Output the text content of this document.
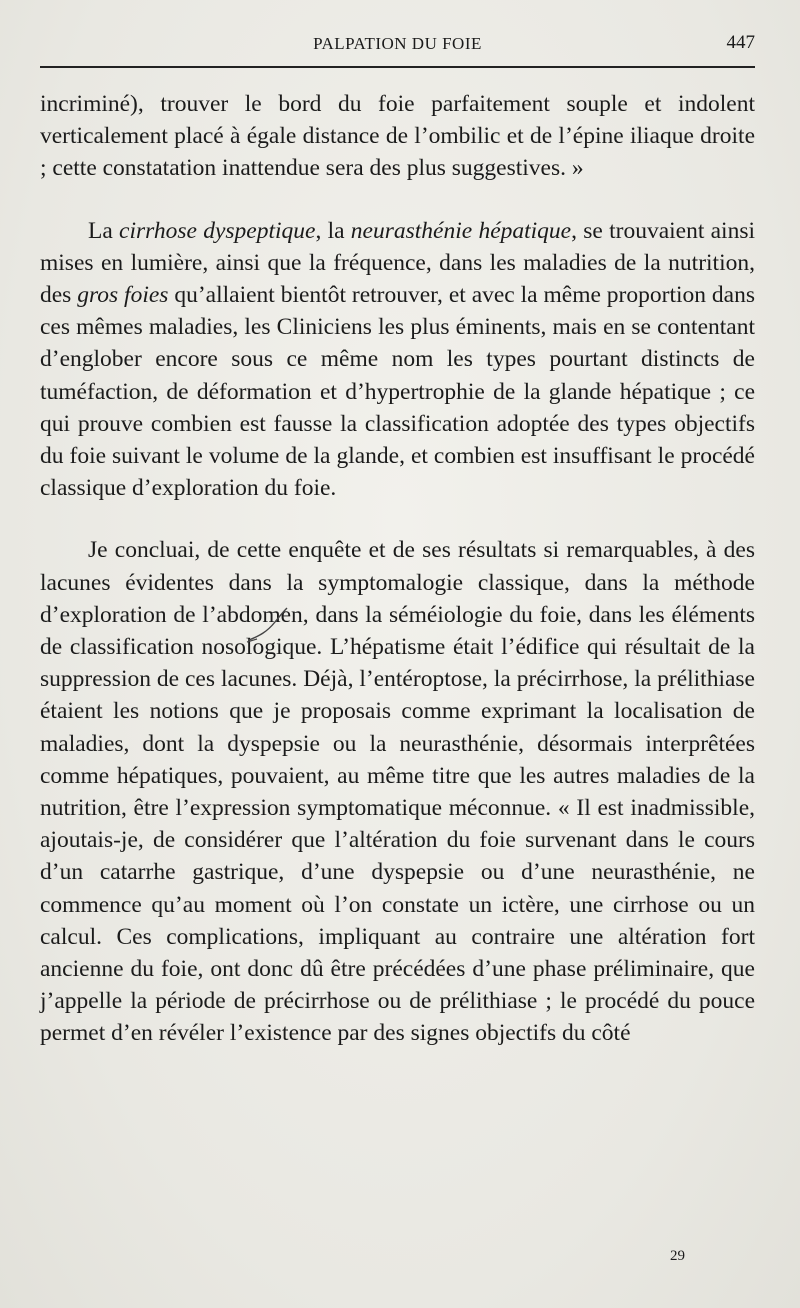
PALPATION DU FOIE	447

incriminé), trouver le bord du foie parfaitement souple et indolent verticalement placé à égale distance de l’ombilic et de l’épine iliaque droite ; cette constatation inattendue sera des plus suggestives. »

La cirrhose dyspeptique, la neurasthénie hépatique, se trouvaient ainsi mises en lumière, ainsi que la fréquence, dans les maladies de la nutrition, des gros foies qu’allaient bientôt retrouver, et avec la même proportion dans ces mêmes maladies, les Cliniciens les plus éminents, mais en se contentant d’englober encore sous ce même nom les types pourtant distincts de tuméfaction, de déformation et d’hypertrophie de la glande hépatique ; ce qui prouve combien est fausse la classification adoptée des types objectifs du foie suivant le volume de la glande, et combien est insuffisant le procédé classique d’exploration du foie.

Je concluai, de cette enquête et de ses résultats si remarquables, à des lacunes évidentes dans la symptomalogie classique, dans la méthode d’exploration de l’abdomen, dans la séméiologie du foie, dans les éléments de classification nosologique. L’hépatisme était l’édifice qui résultait de la suppression de ces lacunes. Déjà, l’entéroptose, la précirrhose, la prélithiase étaient les notions que je proposais comme exprimant la localisation de maladies, dont la dyspepsie ou la neurasthénie, désormais interprêtées comme hépatiques, pouvaient, au même titre que les autres maladies de la nutrition, être l’expression symptomatique méconnue. « Il est inadmissible, ajoutais-je, de considérer que l’altération du foie survenant dans le cours d’un catarrhe gastrique, d’une dyspepsie ou d’une neurasthénie, ne commence qu’au moment où l’on constate un ictère, une cirrhose ou un calcul. Ces complications, impliquant au contraire une altération fort ancienne du foie, ont donc dû être précédées d’une phase préliminaire, que j’appelle la période de précirrhose ou de prélithiase ; le procédé du pouce permet d’en révéler l’existence par des signes objectifs du côté

29
